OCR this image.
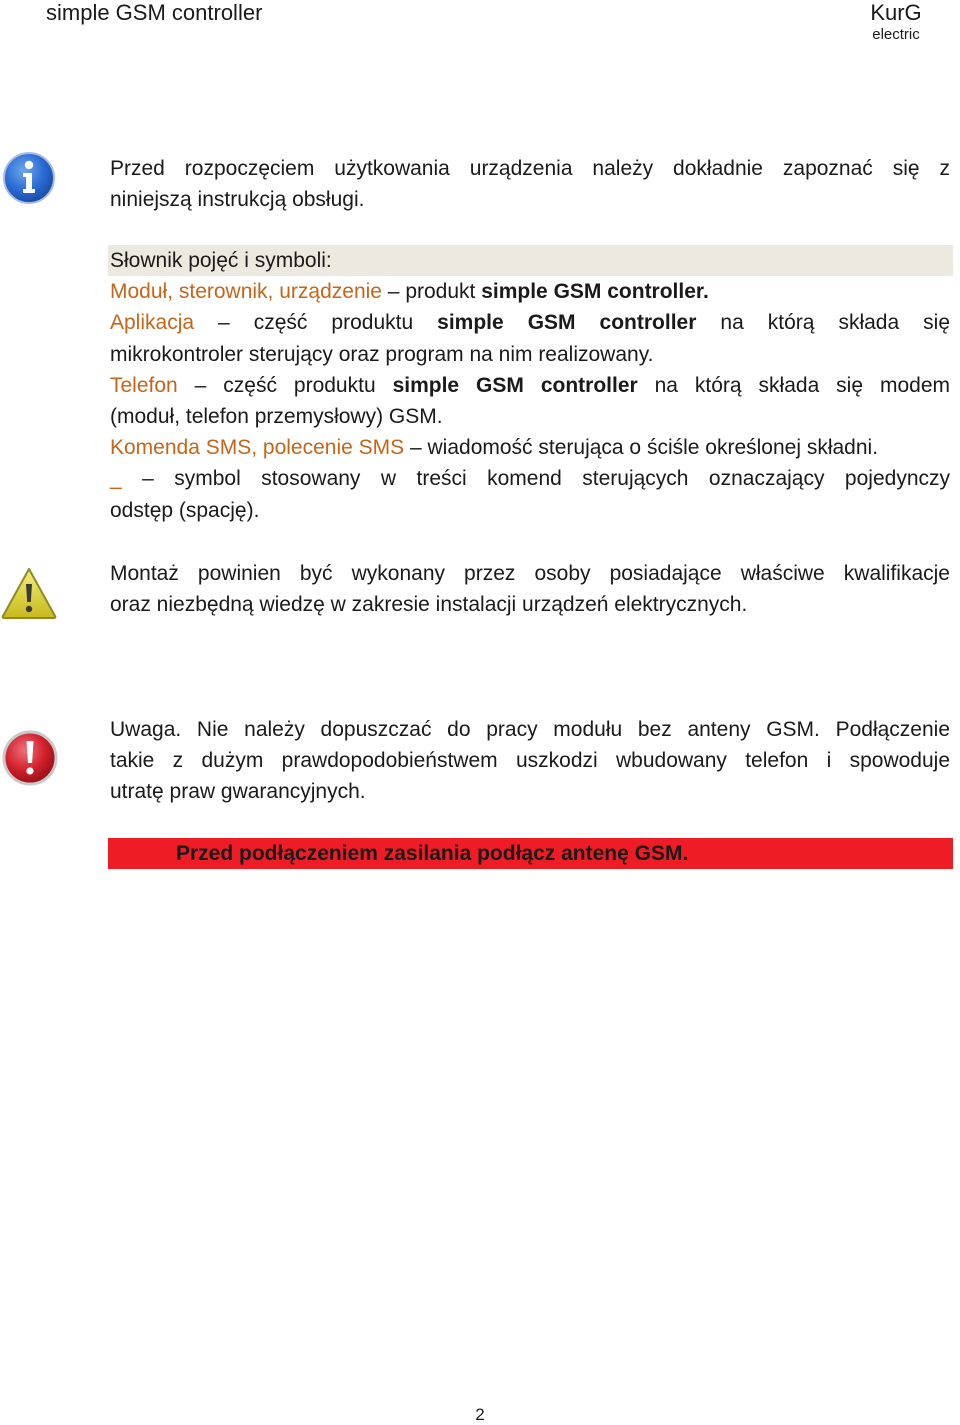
simple GSM controller	KurG
electric
Przed rozpoczęciem użytkowania urządzenia należy dokładnie zapoznać się z
niniejszą instrukcją obsługi.
Słownik pojęć i symboli:
Moduł, sterownik, urządzenie – produkt simple GSM controller.
Aplikacja – część produktu simple GSM controller na którą składa się
mikrokontroler sterujący oraz program na nim realizowany.
Telefon – część produktu simple GSM controller na którą składa się modem
(moduł, telefon przemysłowy) GSM.
Komenda SMS, polecenie SMS – wiadomość sterująca o ściśle określonej składni.
_ – symbol stosowany w treści komend sterujących oznaczający pojedynczy
odstęp (spację).
Montaż powinien być wykonany przez osoby posiadające właściwe kwalifikacje
oraz niezbędną wiedzę w zakresie instalacji urządzeń elektrycznych.
Uwaga. Nie należy dopuszczać do pracy modułu bez anteny GSM. Podłączenie
takie z dużym prawdopodobieństwem uszkodzi wbudowany telefon i spowoduje
utratę praw gwarancyjnych.
Przed podłączeniem zasilania podłącz antenę GSM.
2
